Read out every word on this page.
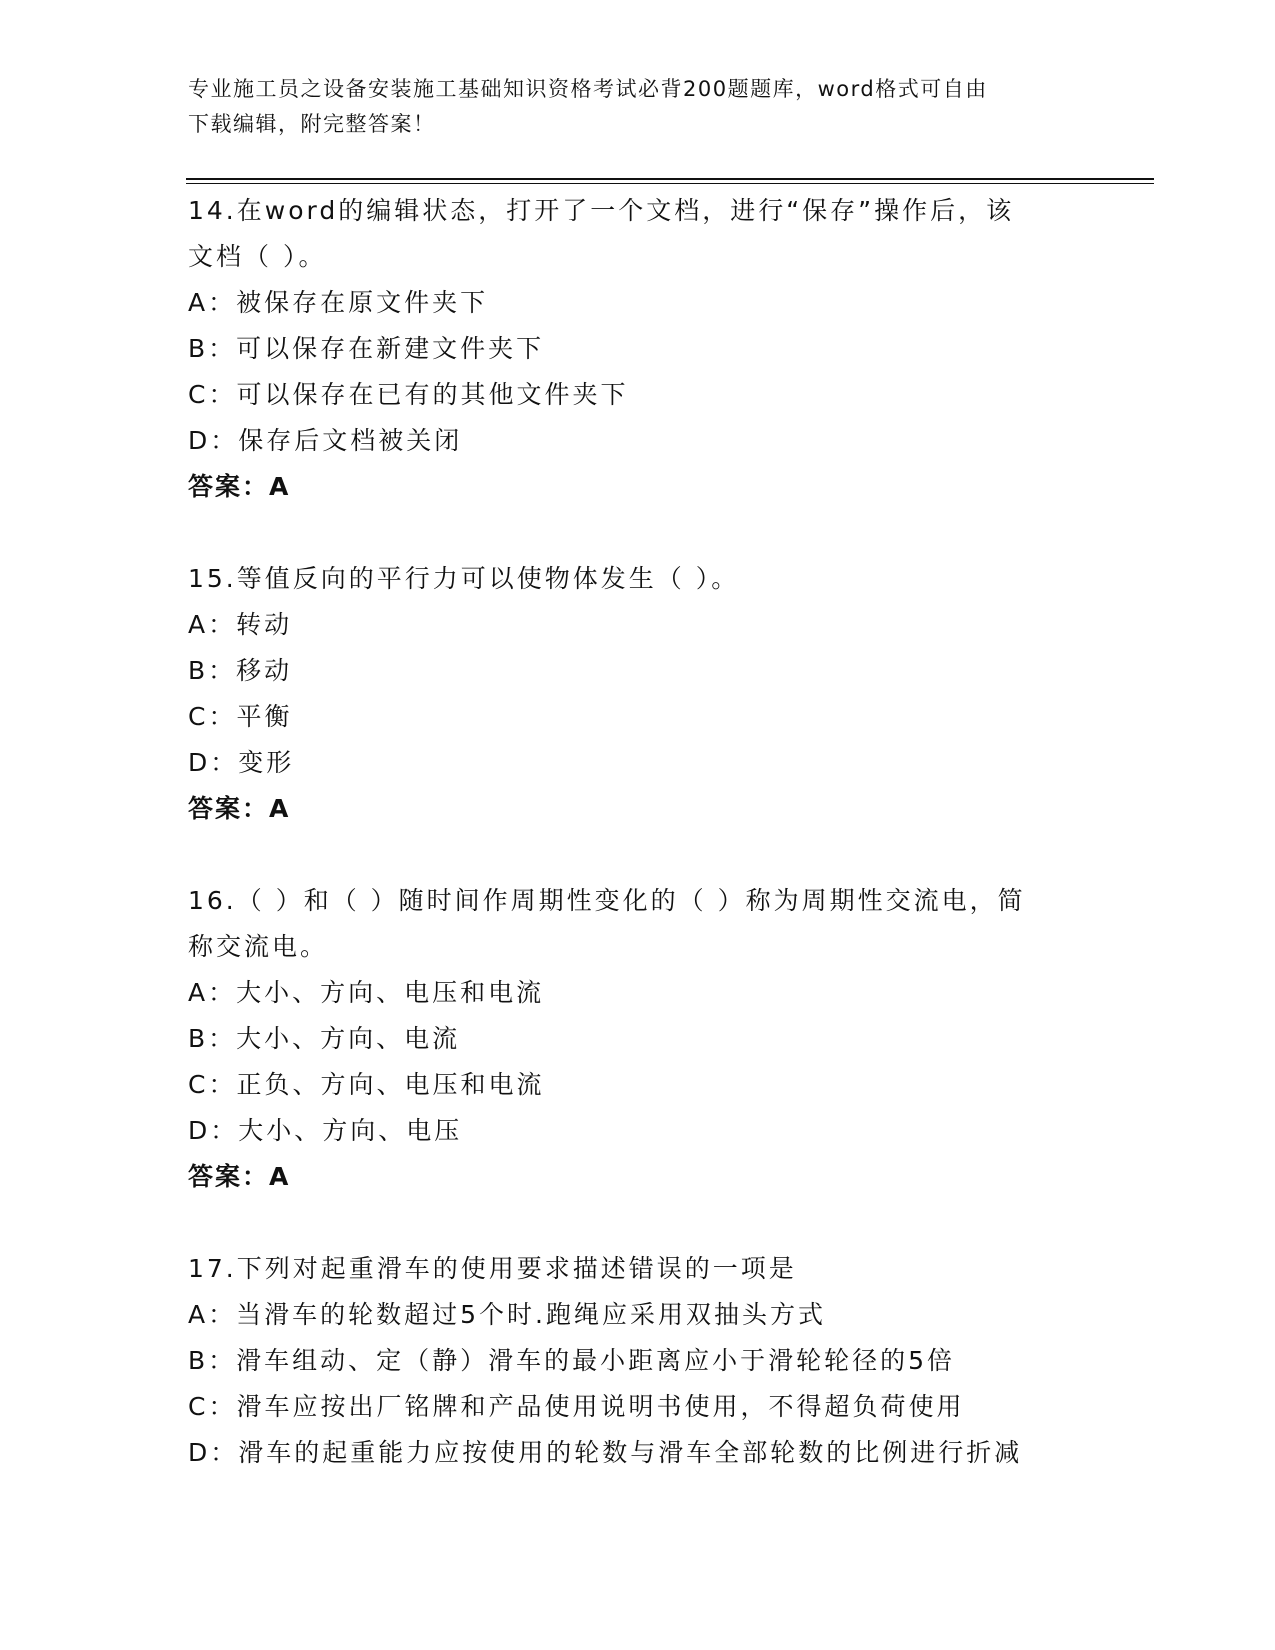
专业施工员之设备安装施工基础知识资格考试必背200题题库，word格式可自由
下载编辑，附完整答案！
14.在word的编辑状态，打开了一个文档，进行“保存”操作后，该
文档（ ）。
A：被保存在原文件夹下
B：可以保存在新建文件夹下
C：可以保存在已有的其他文件夹下
D：保存后文档被关闭
答案：A
15.等值反向的平行力可以使物体发生（ ）。
A：转动
B：移动
C：平衡
D：变形
答案：A
16.（ ）和（ ）随时间作周期性变化的（ ）称为周期性交流电，简
称交流电。
A：大小、方向、电压和电流
B：大小、方向、电流
C：正负、方向、电压和电流
D：大小、方向、电压
答案：A
17.下列对起重滑车的使用要求描述错误的一项是
A：当滑车的轮数超过5个时.跑绳应采用双抽头方式
B：滑车组动、定（静）滑车的最小距离应小于滑轮轮径的5倍
C：滑车应按出厂铭牌和产品使用说明书使用，不得超负荷使用
D：滑车的起重能力应按使用的轮数与滑车全部轮数的比例进行折减
